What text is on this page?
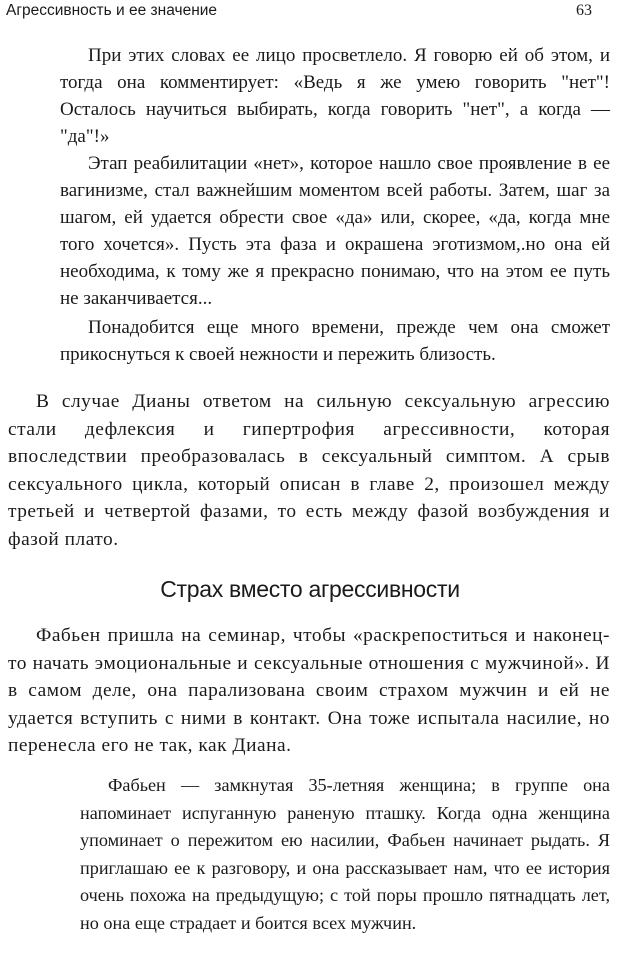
Агрессивность и ее значение	63

При этих словах ее лицо просветлело. Я говорю ей об этом, и тогда она комментирует: «Ведь я же умею говорить "нет"! Осталось научиться выбирать, когда говорить "нет", а когда — "да"!»

Этап реабилитации «нет», которое нашло свое проявление в ее вагинизме, стал важнейшим моментом всей работы. Затем, шаг за шагом, ей удается обрести свое «да» или, скорее, «да, когда мне того хочется». Пусть эта фаза и окрашена эготизмом,.но она ей необходима, к тому же я прекрасно понимаю, что на этом ее путь не заканчивается...

Понадобится еще много времени, прежде чем она сможет прикоснуться к своей нежности и пережить близость.

В случае Дианы ответом на сильную сексуальную агрессию стали дефлексия и гипертрофия агрессивности, которая впоследствии преобразовалась в сексуальный симптом. А срыв сексуального цикла, который описан в главе 2, произошел между третьей и четвертой фазами, то есть между фазой возбуждения и фазой плато.

Страх вместо агрессивности

Фабьен пришла на семинар, чтобы «раскрепоститься и наконец-то начать эмоциональные и сексуальные отношения с мужчиной». И в самом деле, она парализована своим страхом мужчин и ей не удается вступить с ними в контакт. Она тоже испытала насилие, но перенесла его не так, как Диана.

Фабьен — замкнутая 35-летняя женщина; в группе она напоминает испуганную раненую пташку. Когда одна женщина упоминает о пережитом ею насилии, Фабьен начинает рыдать. Я приглашаю ее к разговору, и она рассказывает нам, что ее история очень похожа на предыдущую; с той поры прошло пятнадцать лет, но она еще страдает и боится всех мужчин.
